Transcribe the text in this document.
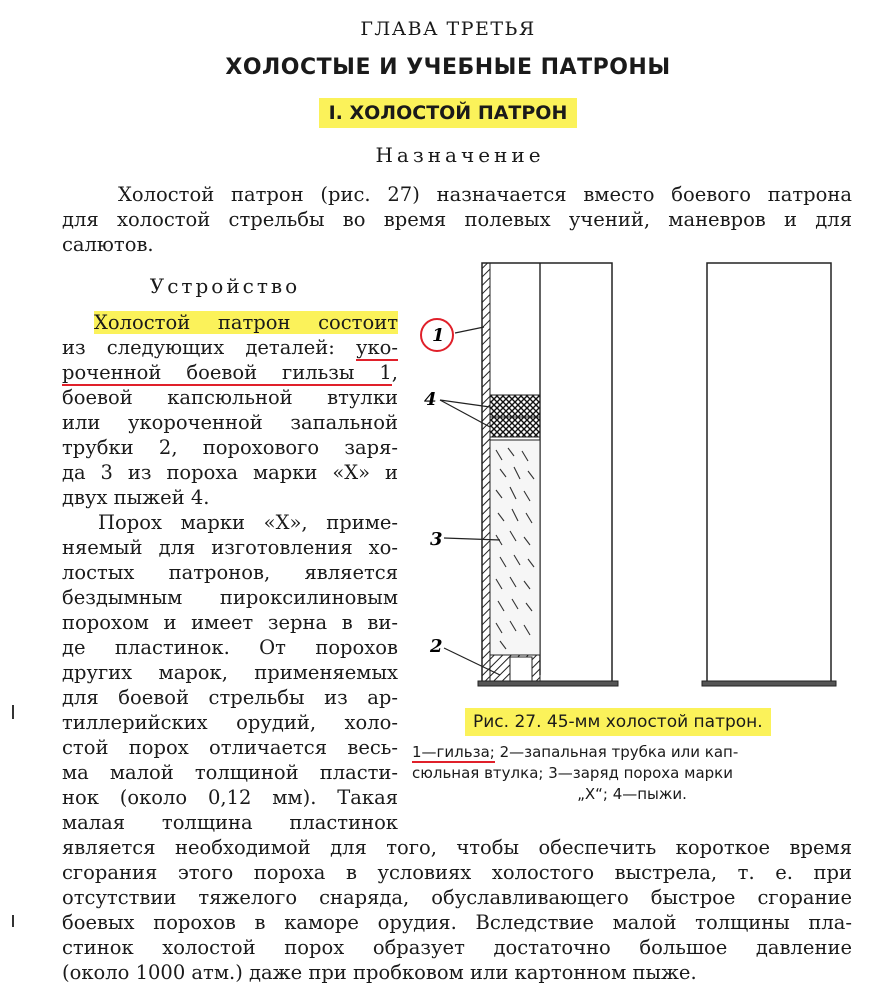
ГЛАВА ТРЕТЬЯ
ХОЛОСТЫЕ И УЧЕБНЫЕ ПАТРОНЫ
I. ХОЛОСТОЙ ПАТРОН
Назначение
Холостой патрон (рис. 27) назначается вместо боевого патрона
для холостой стрельбы во время полевых учений, маневров и для
салютов.
Устройство
Холостой патрон состоит
из следующих деталей: уко-
роченной боевой гильзы 1,
боевой капсюльной втулки
или укороченной запальной
трубки 2, порохового заря-
да 3 из пороха марки «Х» и
двух пыжей 4.
Порох марки «Х», приме-
няемый для изготовления хо-
лостых патронов, является
бездымным пироксилиновым
порохом и имеет зерна в ви-
де пластинок. От порохов
других марок, применяемых
для боевой стрельбы из ар-
тиллерийских орудий, холо-
стой порох отличается весь-
ма малой толщиной пласти-
нок (около 0,12 мм). Такая
малая толщина пластинок
является необходимой для того, чтобы обеспечить короткое время
сгорания этого пороха в условиях холостого выстрела, т. е. при
отсутствии тяжелого снаряда, обуславливающего быстрое сгорание
боевых порохов в каморе орудия. Вследствие малой толщины пла-
стинок холостой порох образует достаточно большое давление
(около 1000 атм.) даже при пробковом или картонном пыже.
1
4
3
2
Рис. 27. 45-мм холостой патрон.
1—гильза; 2—запальная трубка или кап-
сюльная втулка; 3—заряд пороха марки
„Х“; 4—пыжи.
